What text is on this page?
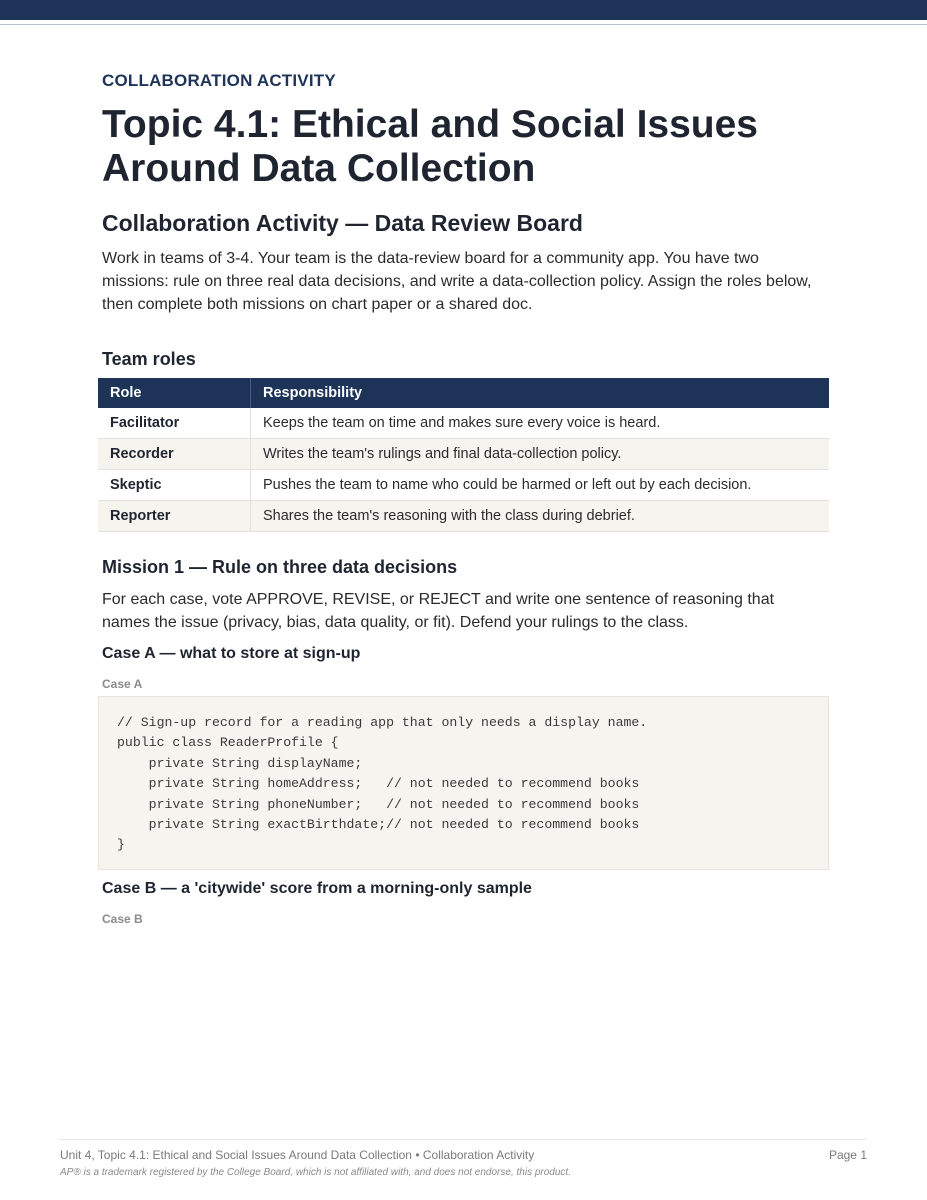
COLLABORATION ACTIVITY
Topic 4.1: Ethical and Social Issues Around Data Collection
Collaboration Activity — Data Review Board

Work in teams of 3-4. Your team is the data-review board for a community app. You have two missions: rule on three real data decisions, and write a data-collection policy. Assign the roles below, then complete both missions on chart paper or a shared doc.

Team roles
Role	Responsibility
Facilitator	Keeps the team on time and makes sure every voice is heard.
Recorder	Writes the team's rulings and final data-collection policy.
Skeptic	Pushes the team to name who could be harmed or left out by each decision.
Reporter	Shares the team's reasoning with the class during debrief.
Mission 1 — Rule on three data decisions

For each case, vote APPROVE, REVISE, or REJECT and write one sentence of reasoning that names the issue (privacy, bias, data quality, or fit). Defend your rulings to the class.

Case A — what to store at sign-up
Case A
// Sign-up record for a reading app that only needs a display name.
public class ReaderProfile {
private String displayName;
private String homeAddress;   // not needed to recommend books
private String phoneNumber;   // not needed to recommend books
private String exactBirthdate;// not needed to recommend books
}
Case B — a 'citywide' score from a morning-only sample
Case B
Unit 4, Topic 4.1: Ethical and Social Issues Around Data Collection • Collaboration Activity	Page 1
AP® is a trademark registered by the College Board, which is not affiliated with, and does not endorse, this product.
